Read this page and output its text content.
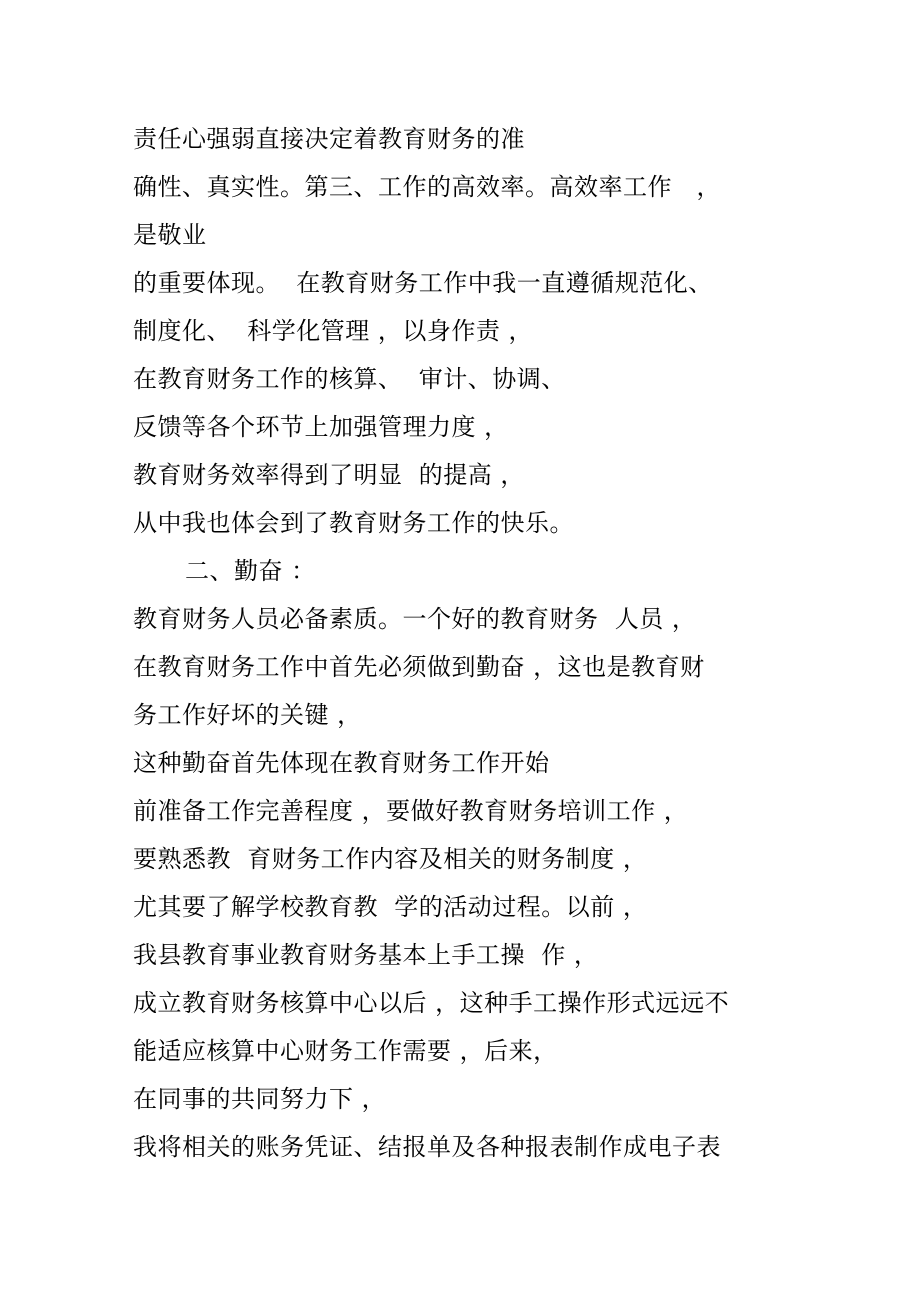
责任心强弱直接决定着教育财务的准
确性、真实性。第三、工作的高效率。高效率工作　，
是敬业
的重要体现。  在教育财务工作中我一直遵循规范化、
制度化、  科学化管理 ，以身作责 ，
在教育财务工作的核算、  审计、协调、
反馈等各个环节上加强管理力度 ，
教育财务效率得到了明显  的提高 ，
从中我也体会到了教育财务工作的快乐。
二、勤奋 ：
教育财务人员必备素质。一个好的教育财务  人员 ，
在教育财务工作中首先必须做到勤奋 ，这也是教育财
务工作好坏的关键 ，
这种勤奋首先体现在教育财务工作开始
前准备工作完善程度 ，要做好教育财务培训工作 ，
要熟悉教  育财务工作内容及相关的财务制度 ，
尤其要了解学校教育教  学的活动过程。以前 ，
我县教育事业教育财务基本上手工操  作 ，
成立教育财务核算中心以后 ，这种手工操作形式远远不
能适应核算中心财务工作需要 ，后来，
在同事的共同努力下 ，
我将相关的账务凭证、结报单及各种报表制作成电子表
